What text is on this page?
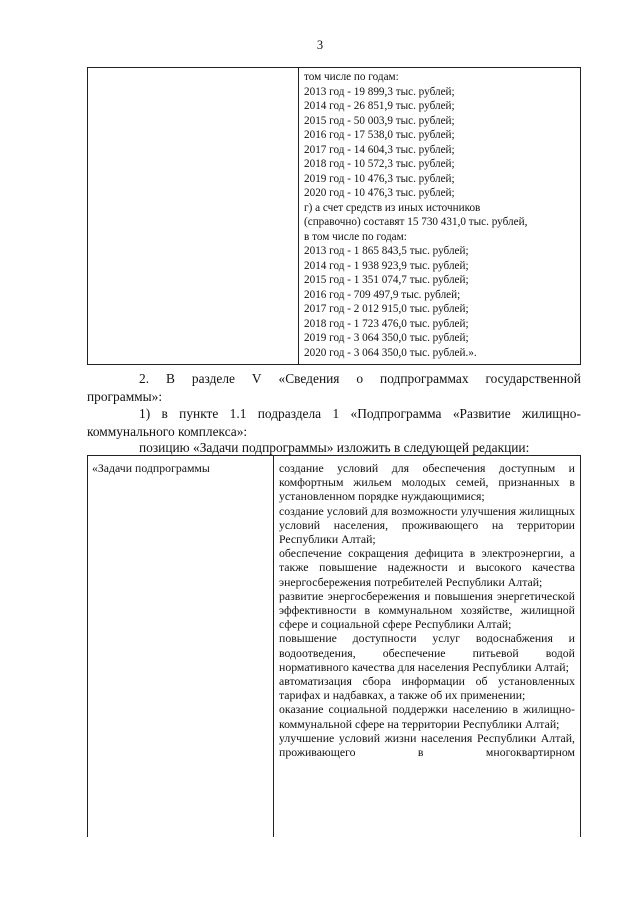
3
том числе по годам:
2013 год - 19 899,3 тыс. рублей;
2014 год - 26 851,9 тыс. рублей;
2015 год - 50 003,9 тыс. рублей;
2016 год - 17 538,0 тыс. рублей;
2017 год - 14 604,3 тыс. рублей;
2018 год - 10 572,3 тыс. рублей;
2019 год - 10 476,3 тыс. рублей;
2020 год - 10 476,3 тыс. рублей;
г) а счет средств из иных источников
(справочно) составят 15 730 431,0 тыс. рублей,
в том числе по годам:
2013 год - 1 865 843,5 тыс. рублей;
2014 год - 1 938 923,9 тыс. рублей;
2015 год - 1 351 074,7 тыс. рублей;
2016 год - 709 497,9 тыс. рублей;
2017 год - 2 012 915,0 тыс. рублей;
2018 год - 1 723 476,0 тыс. рублей;
2019 год - 3 064 350,0 тыс. рублей;
2020 год - 3 064 350,0 тыс. рублей.».
2. В разделе V «Сведения о подпрограммах государственной
программы»:
1) в пункте 1.1 подраздела 1 «Подпрограмма «Развитие жилищно-
коммунального комплекса»:
позицию «Задачи подпрограммы» изложить в следующей редакции:
«Задачи подпрограммы	создание условий для обеспечения доступным и комфортным жильем молодых семей, признанных в установленном порядке нуждающимися;
создание условий для возможности улучшения жилищных условий населения, проживающего на территории Республики Алтай;
обеспечение сокращения дефицита в электроэнергии, а также повышение надежности и высокого качества энергосбережения потребителей Республики Алтай;
развитие энергосбережения и повышения энергетической эффективности в коммунальном хозяйстве, жилищной сфере и социальной сфере Республики Алтай;
повышение доступности услуг водоснабжения и водоотведения, обеспечение питьевой водой нормативного качества для населения Республики Алтай;
автоматизация сбора информации об установленных тарифах и надбавках, а также об их применении;
оказание социальной поддержки населению в жилищно-коммунальной сфере на территории Республики Алтай;
улучшение условий жизни населения Республики Алтай, проживающего в многоквартирном
